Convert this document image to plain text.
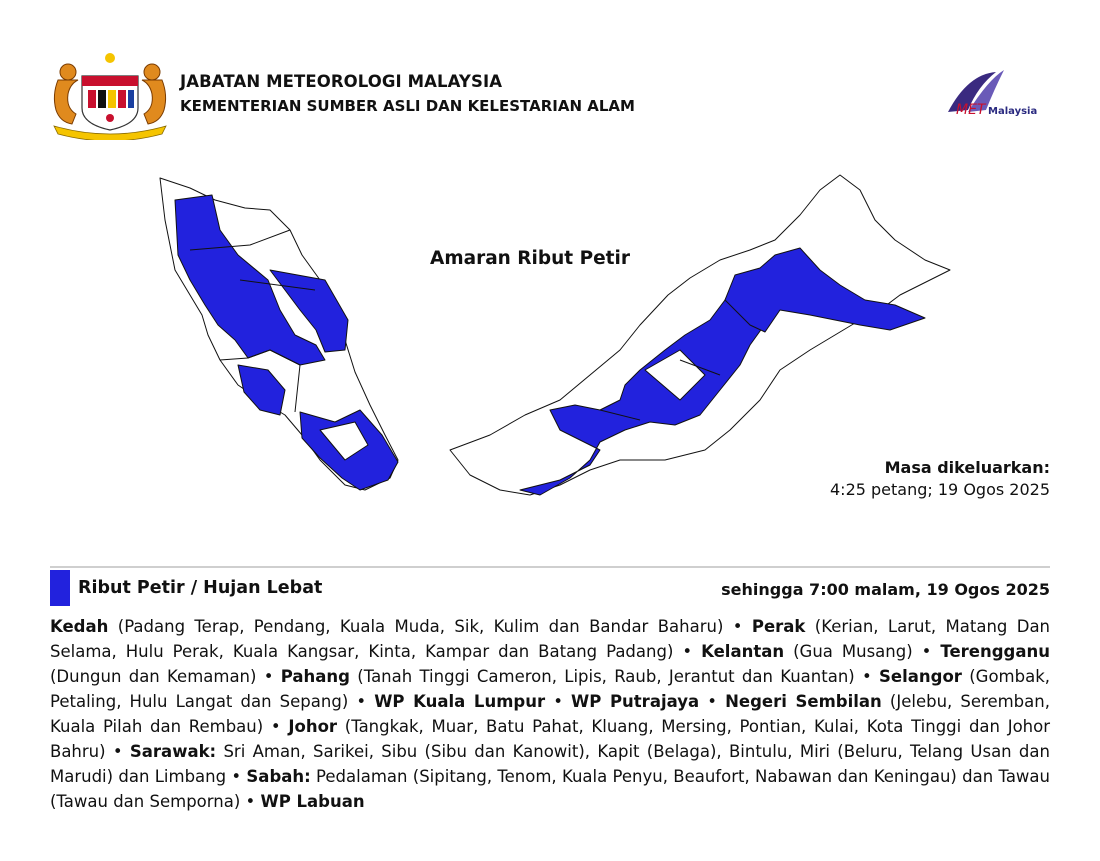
JABATAN METEOROLOGI MALAYSIA
KEMENTERIAN SUMBER ASLI DAN KELESTARIAN ALAM	MET Malaysia
Amaran Ribut Petir
Masa dikeluarkan:
4:25 petang; 19 Ogos 2025
Ribut Petir / Hujan Lebat	sehingga 7:00 malam, 19 Ogos 2025
Kedah (Padang Terap, Pendang, Kuala Muda, Sik, Kulim dan Bandar Baharu) • Perak (Kerian, Larut, Matang Dan Selama, Hulu Perak, Kuala Kangsar, Kinta, Kampar dan Batang Padang) • Kelantan (Gua Musang) • Terengganu (Dungun dan Kemaman) • Pahang (Tanah Tinggi Cameron, Lipis, Raub, Jerantut dan Kuantan) • Selangor (Gombak, Petaling, Hulu Langat dan Sepang) • WP Kuala Lumpur • WP Putrajaya • Negeri Sembilan (Jelebu, Seremban, Kuala Pilah dan Rembau) • Johor (Tangkak, Muar, Batu Pahat, Kluang, Mersing, Pontian, Kulai, Kota Tinggi dan Johor Bahru) • Sarawak: Sri Aman, Sarikei, Sibu (Sibu dan Kanowit), Kapit (Belaga), Bintulu, Miri (Beluru, Telang Usan dan Marudi) dan Limbang • Sabah: Pedalaman (Sipitang, Tenom, Kuala Penyu, Beaufort, Nabawan dan Keningau) dan Tawau (Tawau dan Semporna) • WP Labuan
